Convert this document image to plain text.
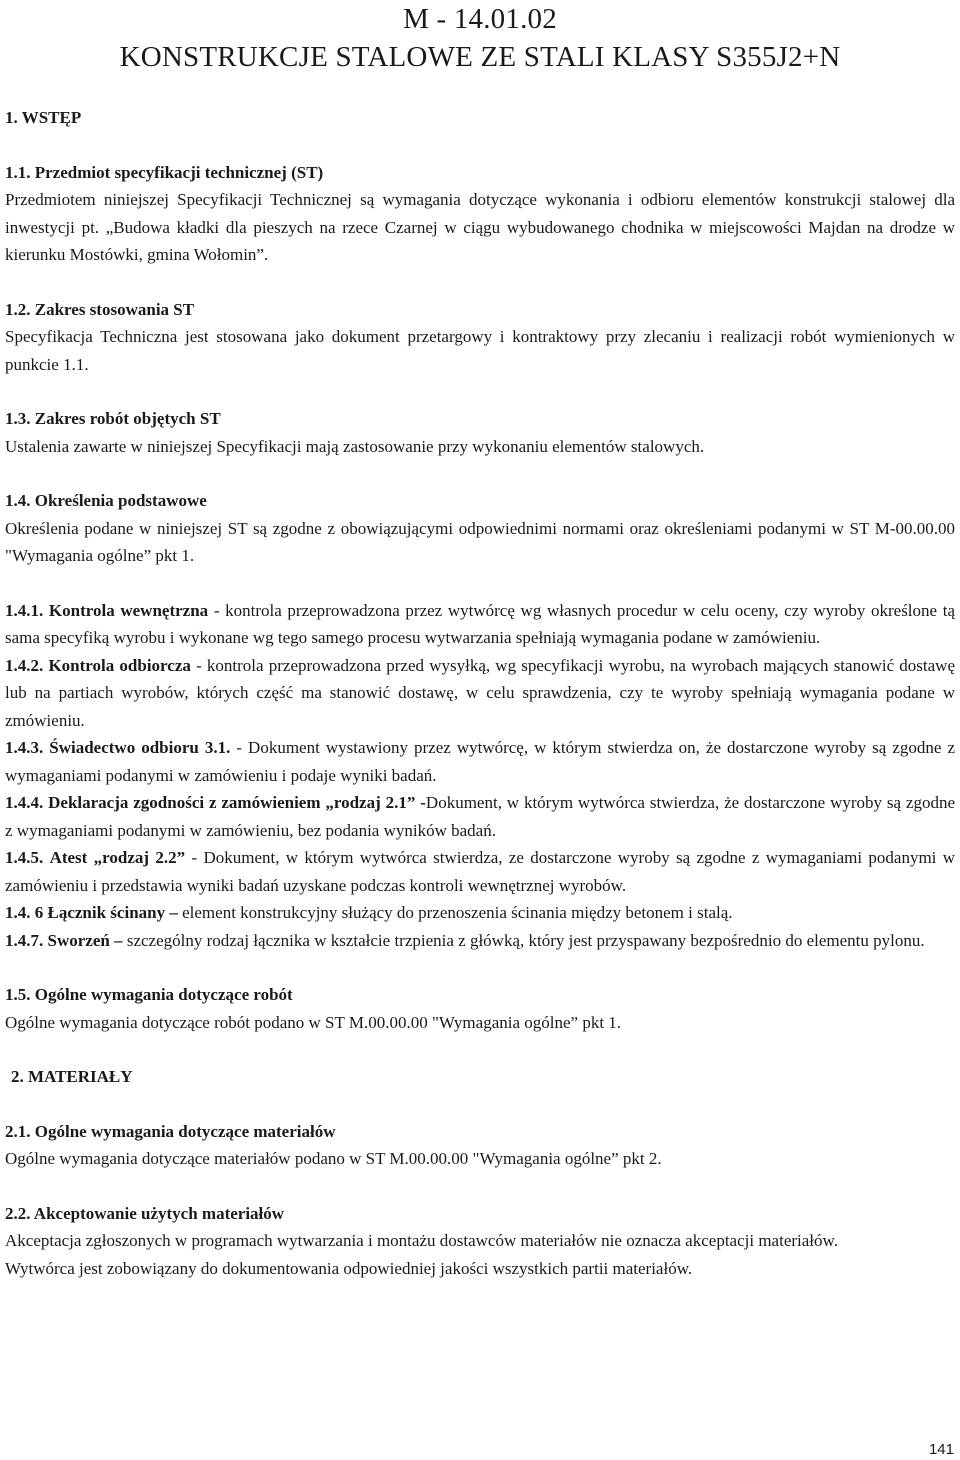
M - 14.01.02
KONSTRUKCJE STALOWE ZE STALI KLASY S355J2+N

1. WSTĘP

1.1. Przedmiot specyfikacji technicznej (ST)

Przedmiotem niniejszej Specyfikacji Technicznej są wymagania dotyczące wykonania i odbioru elementów konstrukcji stalowej dla inwestycji pt. „Budowa kładki dla pieszych na rzece Czarnej w ciągu wybudowanego chodnika w miejscowości Majdan na drodze w kierunku Mostówki, gmina Wołomin”.

1.2. Zakres stosowania ST

Specyfikacja Techniczna jest stosowana jako dokument przetargowy i kontraktowy przy zlecaniu i realizacji robót wymienionych w punkcie 1.1.

1.3. Zakres robót objętych ST

Ustalenia zawarte w niniejszej Specyfikacji mają zastosowanie przy wykonaniu elementów stalowych.

1.4. Określenia podstawowe

Określenia podane w niniejszej ST są zgodne z obowiązującymi odpowiednimi normami oraz określeniami podanymi w ST M-00.00.00 "Wymagania ogólne” pkt 1.

1.4.1. Kontrola wewnętrzna - kontrola przeprowadzona przez wytwórcę wg własnych procedur w celu oceny, czy wyroby określone tą sama specyfiką wyrobu i wykonane wg tego samego procesu wytwarzania spełniają wymagania podane w zamówieniu.

1.4.2. Kontrola odbiorcza - kontrola przeprowadzona przed wysyłką, wg specyfikacji wyrobu, na wyrobach mających stanowić dostawę lub na partiach wyrobów, których część ma stanowić dostawę, w celu sprawdzenia, czy te wyroby spełniają wymagania podane w zmówieniu.

1.4.3. Świadectwo odbioru 3.1. - Dokument wystawiony przez wytwórcę, w którym stwierdza on, że dostarczone wyroby są zgodne z wymaganiami podanymi w zamówieniu i podaje wyniki badań.

1.4.4. Deklaracja zgodności z zamówieniem „rodzaj 2.1” -Dokument, w którym wytwórca stwierdza, że dostarczone wyroby są zgodne z wymaganiami podanymi w zamówieniu, bez podania wyników badań.

1.4.5. Atest „rodzaj 2.2” - Dokument, w którym wytwórca stwierdza, ze dostarczone wyroby są zgodne z wymaganiami podanymi w zamówieniu i przedstawia wyniki badań uzyskane podczas kontroli wewnętrznej wyrobów.

1.4. 6 Łącznik ścinany – element konstrukcyjny służący do przenoszenia ścinania między betonem i stalą.

1.4.7. Sworzeń – szczególny rodzaj łącznika w kształcie trzpienia z główką, który jest przyspawany bezpośrednio do elementu pylonu.

1.5. Ogólne wymagania dotyczące robót

Ogólne wymagania dotyczące robót podano w ST M.00.00.00 "Wymagania ogólne” pkt 1.

2. MATERIAŁY

2.1. Ogólne wymagania dotyczące materiałów

Ogólne wymagania dotyczące materiałów podano w ST M.00.00.00 "Wymagania ogólne” pkt 2.

2.2. Akceptowanie użytych materiałów

Akceptacja zgłoszonych w programach wytwarzania i montażu dostawców materiałów nie oznacza akceptacji materiałów.

Wytwórca jest zobowiązany do dokumentowania odpowiedniej jakości wszystkich partii materiałów.

141
